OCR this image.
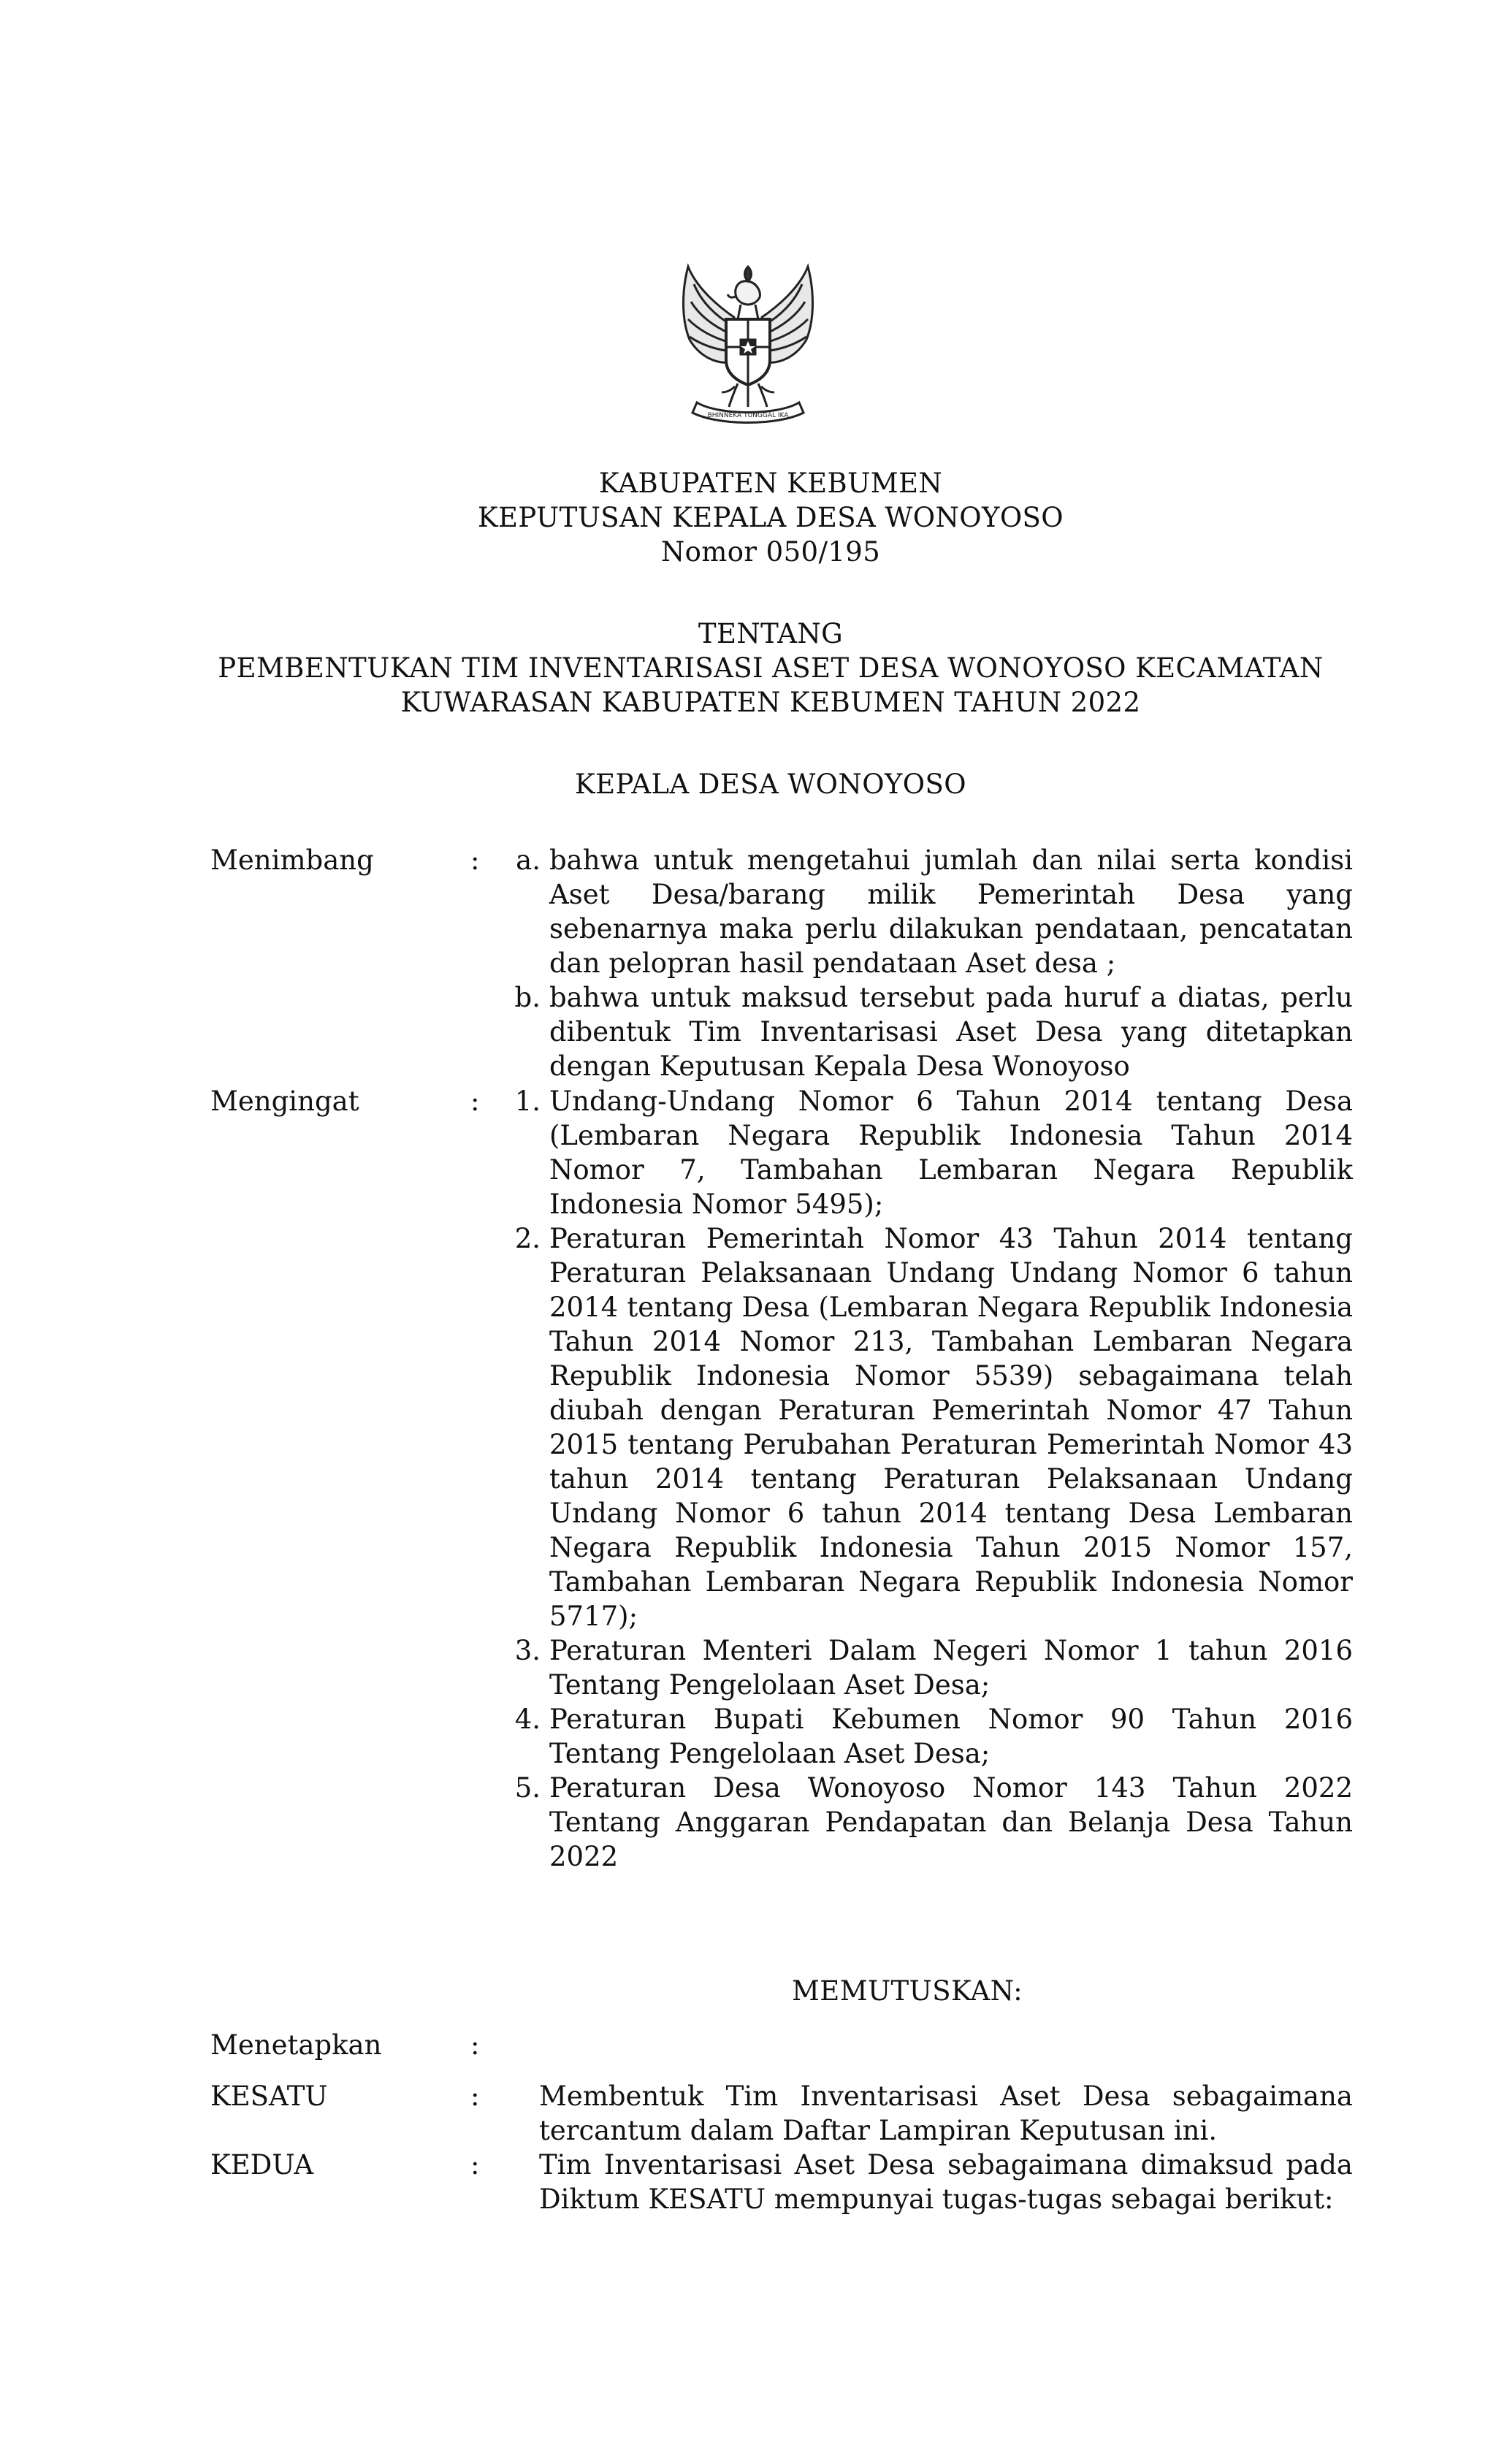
BHINNEKA TUNGGAL IKA
KABUPATEN KEBUMEN
KEPUTUSAN KEPALA DESA WONOYOSO
Nomor 050/195
TENTANG
PEMBENTUKAN TIM INVENTARISASI ASET DESA WONOYOSO KECAMATAN
KUWARASAN KABUPATEN KEBUMEN TAHUN 2022
KEPALA DESA WONOYOSO
Menimbang	:	a. bahwa untuk mengetahui jumlah dan nilai serta kondisi Aset Desa/barang milik Pemerintah Desa yang sebenarnya maka perlu dilakukan pendataan, pencatatan dan pelopran hasil pendataan Aset desa ;
b. bahwa untuk maksud tersebut pada huruf a diatas, perlu dibentuk Tim Inventarisasi Aset Desa yang ditetapkan dengan Keputusan Kepala Desa Wonoyoso
Mengingat	:	1. Undang-Undang Nomor 6 Tahun 2014 tentang Desa (Lembaran Negara Republik Indonesia Tahun 2014 Nomor 7, Tambahan Lembaran Negara Republik Indonesia Nomor 5495);
2. Peraturan Pemerintah Nomor 43 Tahun 2014 tentang Peraturan Pelaksanaan Undang Undang Nomor 6 tahun 2014 tentang Desa (Lembaran Negara Republik Indonesia Tahun 2014 Nomor 213, Tambahan Lembaran Negara Republik Indonesia Nomor 5539) sebagaimana telah diubah dengan Peraturan Pemerintah Nomor 47 Tahun 2015 tentang Perubahan Peraturan Pemerintah Nomor 43 tahun 2014 tentang Peraturan Pelaksanaan Undang Undang Nomor 6 tahun 2014 tentang Desa Lembaran Negara Republik Indonesia Tahun 2015 Nomor 157, Tambahan Lembaran Negara Republik Indonesia Nomor 5717);
3. Peraturan Menteri Dalam Negeri Nomor 1 tahun 2016 Tentang Pengelolaan Aset Desa;
4. Peraturan Bupati Kebumen Nomor 90 Tahun 2016 Tentang Pengelolaan Aset Desa;
5. Peraturan Desa Wonoyoso Nomor 143 Tahun 2022 Tentang Anggaran Pendapatan dan Belanja Desa Tahun 2022
MEMUTUSKAN:
Menetapkan	:
KESATU	: Membentuk Tim Inventarisasi Aset Desa sebagaimana tercantum dalam Daftar Lampiran Keputusan ini.
KEDUA	: Tim Inventarisasi Aset Desa sebagaimana dimaksud pada Diktum KESATU mempunyai tugas-tugas sebagai berikut:
